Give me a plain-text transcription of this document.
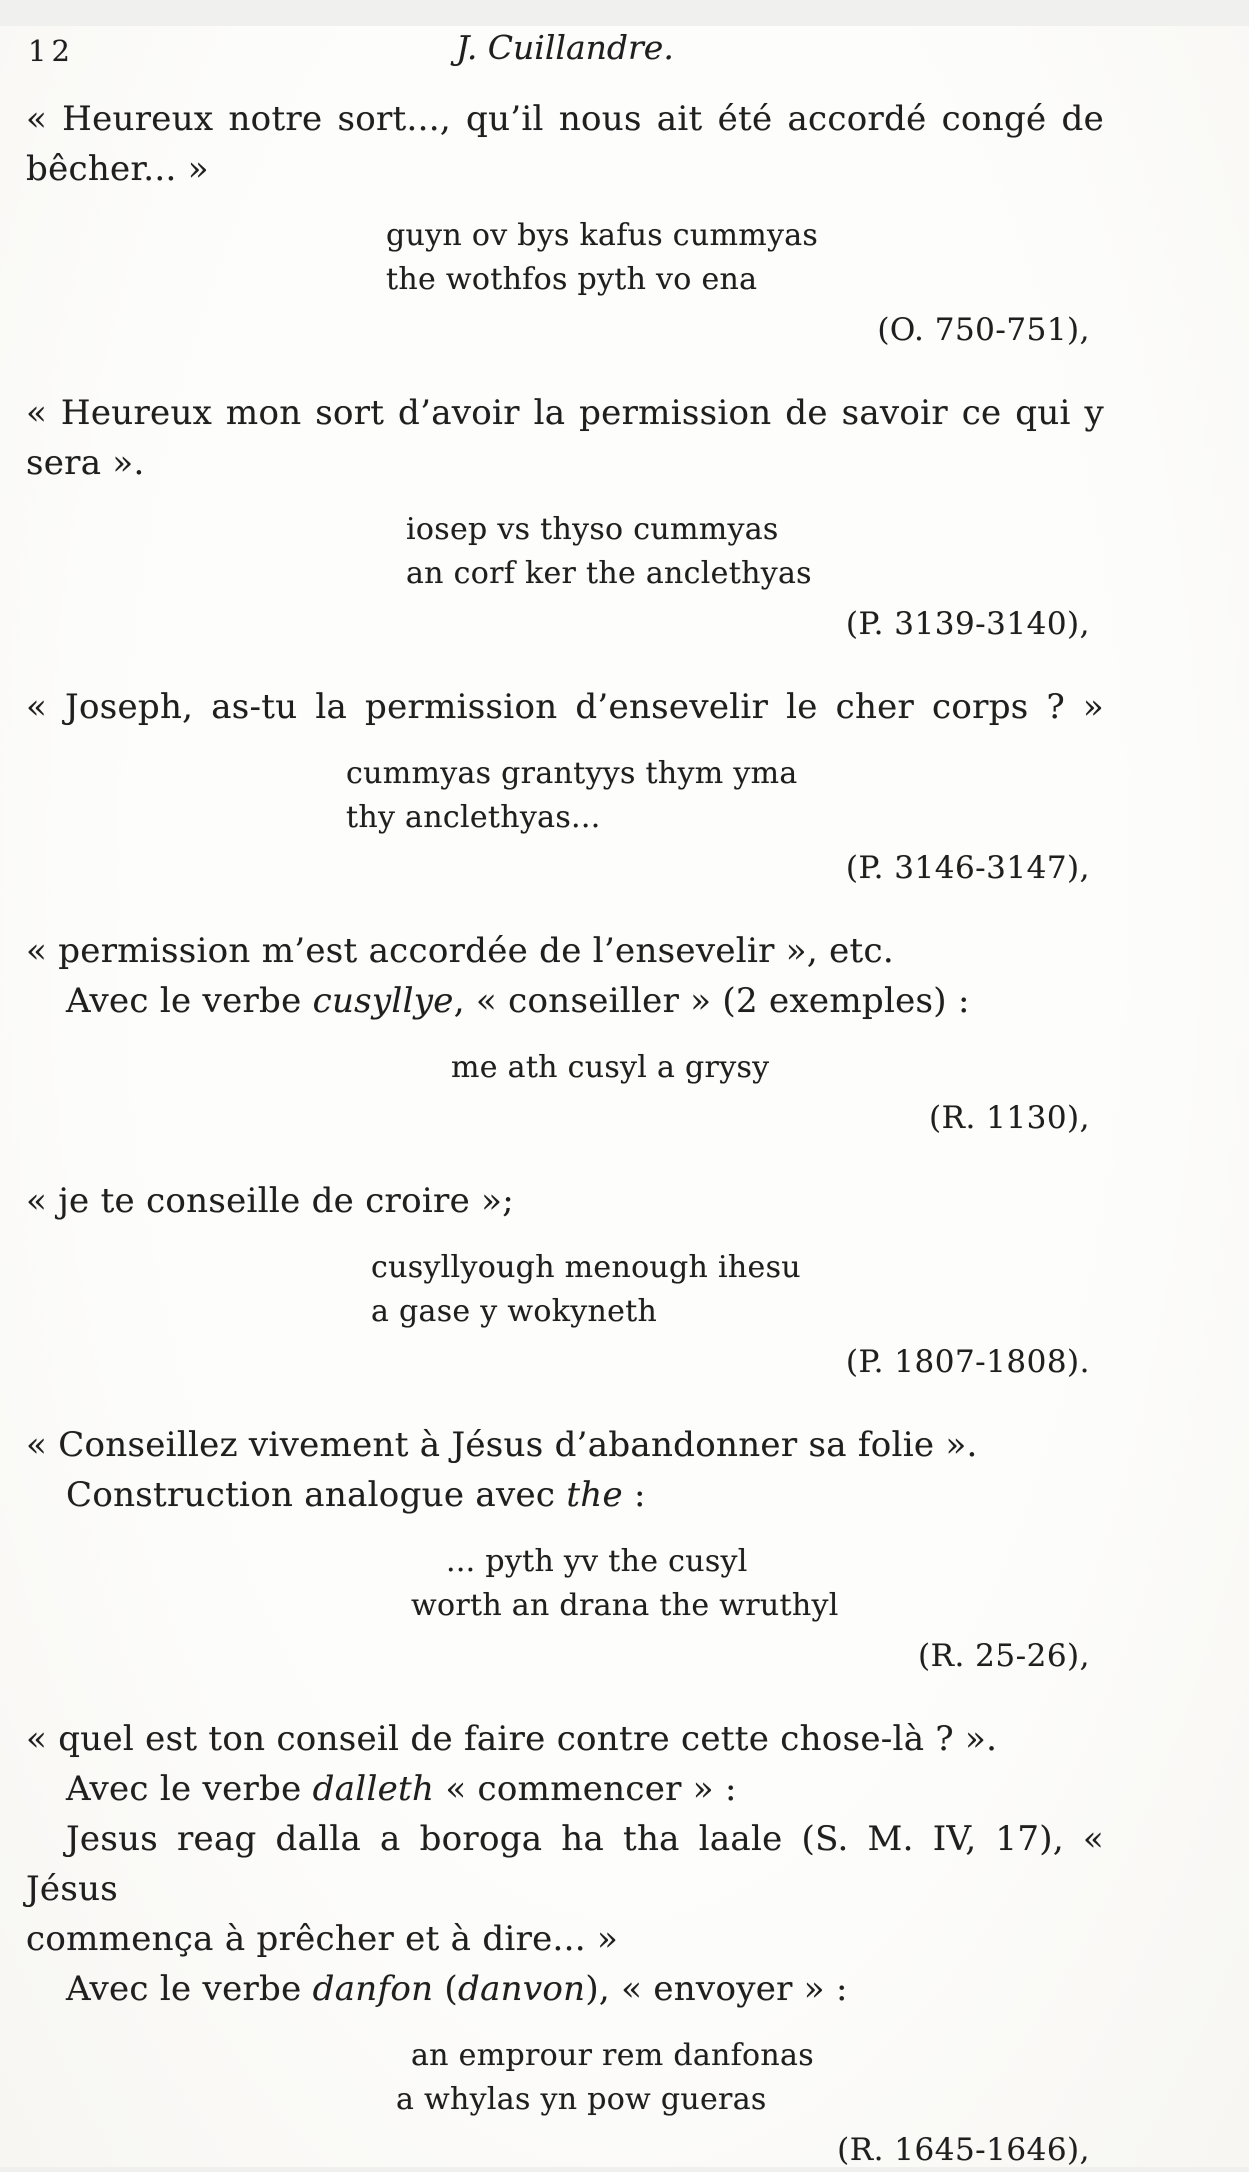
12	J. Cuillandre.
« Heureux notre sort..., qu’il nous ait été accordé congé de
bêcher... »
guyn ov bys kafus cummyas
the wothfos pyth vo ena
(O. 750-751),
« Heureux mon sort d’avoir la permission de savoir ce qui y
sera ».
iosep vs thyso cummyas
an corf ker the anclethyas
(P. 3139-3140),
« Joseph, as-tu la permission d’ensevelir le cher corps ? »
cummyas grantyys thym yma
thy anclethyas...
(P. 3146-3147),
« permission m’est accordée de l’ensevelir », etc.
Avec le verbe cusyllye, « conseiller » (2 exemples) :
me ath cusyl a grysy
(R. 1130),
« je te conseille de croire »;
cusyllyough menough ihesu
a gase y wokyneth
(P. 1807-1808).
« Conseillez vivement à Jésus d’abandonner sa folie ».
Construction analogue avec the :
... pyth yv the cusyl
worth an drana the wruthyl
(R. 25-26),
« quel est ton conseil de faire contre cette chose-là ? ».
Avec le verbe dalleth « commencer » :
Jesus reag dalla a boroga ha tha laale (S. M. IV, 17), « Jésus
commença à prêcher et à dire... »
Avec le verbe danfon (danvon), « envoyer » :
an emprour rem danfonas
a whylas yn pow gueras
(R. 1645-1646),
